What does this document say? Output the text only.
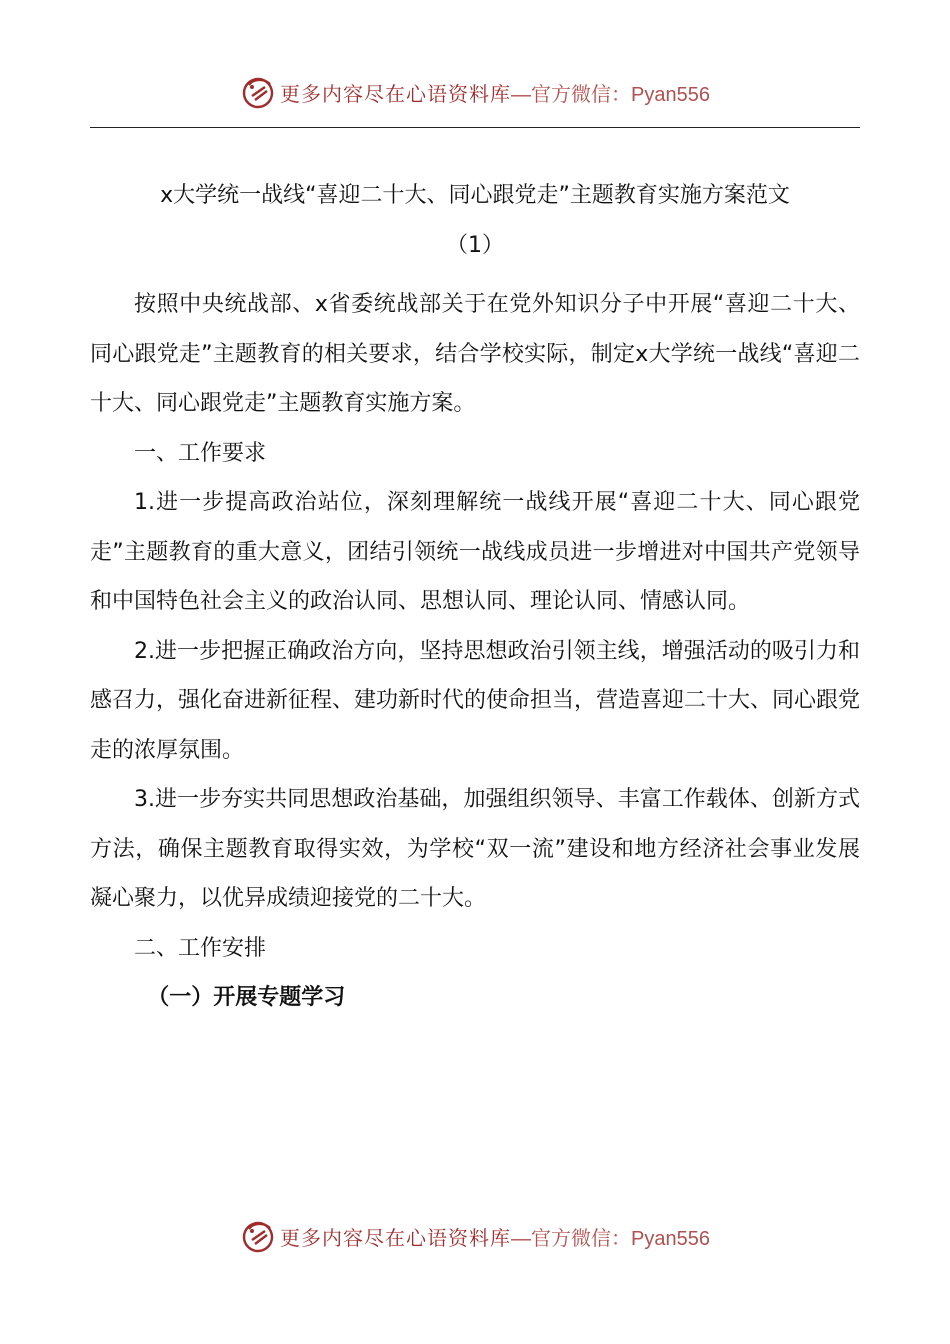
更多内容尽在心语资料库 —官方微信：Pyan556
x大学统一战线“喜迎二十大、同心跟党走”主题教育实施方案范文
（1）

按照中央统战部、x省委统战部关于在党外知识分子中开展“喜迎二十大、同心跟党走”主题教育的相关要求，结合学校实际，制定x大学统一战线“喜迎二十大、同心跟党走”主题教育实施方案。

一、工作要求

1.进一步提高政治站位，深刻理解统一战线开展“喜迎二十大、同心跟党走”主题教育的重大意义，团结引领统一战线成员进一步增进对中国共产党领导和中国特色社会主义的政治认同、思想认同、理论认同、情感认同。

2.进一步把握正确政治方向，坚持思想政治引领主线，增强活动的吸引力和感召力，强化奋进新征程、建功新时代的使命担当，营造喜迎二十大、同心跟党走的浓厚氛围。

3.进一步夯实共同思想政治基础，加强组织领导、丰富工作载体、创新方式方法，确保主题教育取得实效，为学校“双一流”建设和地方经济社会事业发展凝心聚力，以优异成绩迎接党的二十大。

二、工作安排

（一）开展专题学习

更多内容尽在心语资料库 —官方微信：Pyan556
